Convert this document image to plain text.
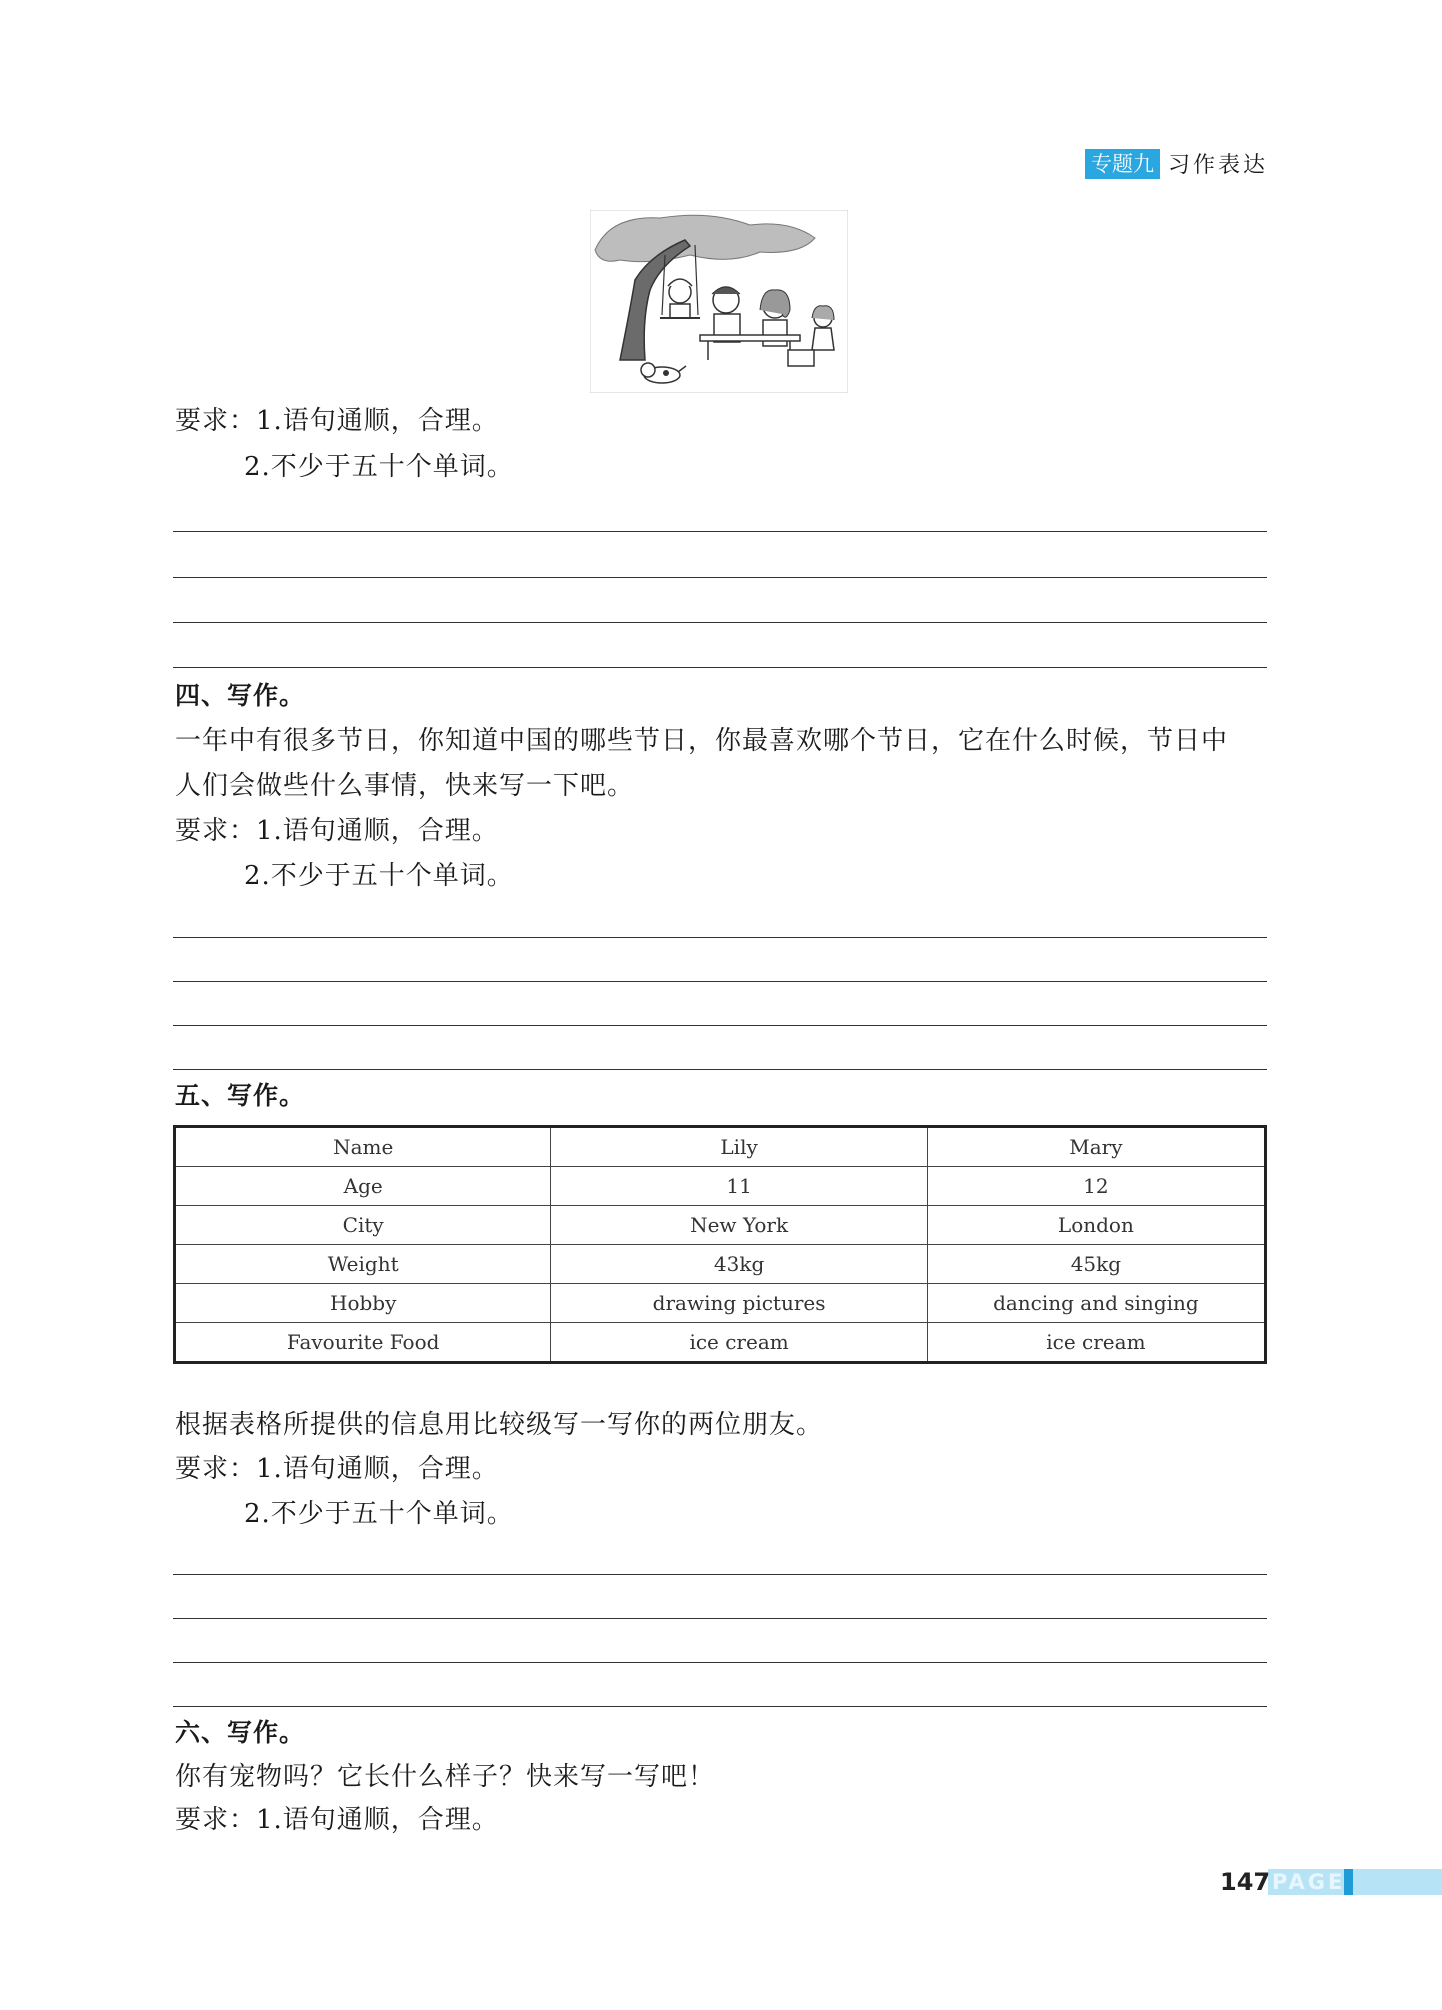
专题九 习作表达
要求：1.语句通顺，合理。
2.不少于五十个单词。
四、写作。
一年中有很多节日，你知道中国的哪些节日，你最喜欢哪个节日，它在什么时候，节日中
人们会做些什么事情，快来写一下吧。
要求：1.语句通顺，合理。
2.不少于五十个单词。
五、写作。
Name	Lily	Mary
Age	11	12
City	New York	London
Weight	43kg	45kg
Hobby	drawing pictures	dancing and singing
Favourite Food	ice cream	ice cream
根据表格所提供的信息用比较级写一写你的两位朋友。
要求：1.语句通顺，合理。
2.不少于五十个单词。
六、写作。
你有宠物吗？它长什么样子？快来写一写吧！
要求：1.语句通顺，合理。
147 PAGE
